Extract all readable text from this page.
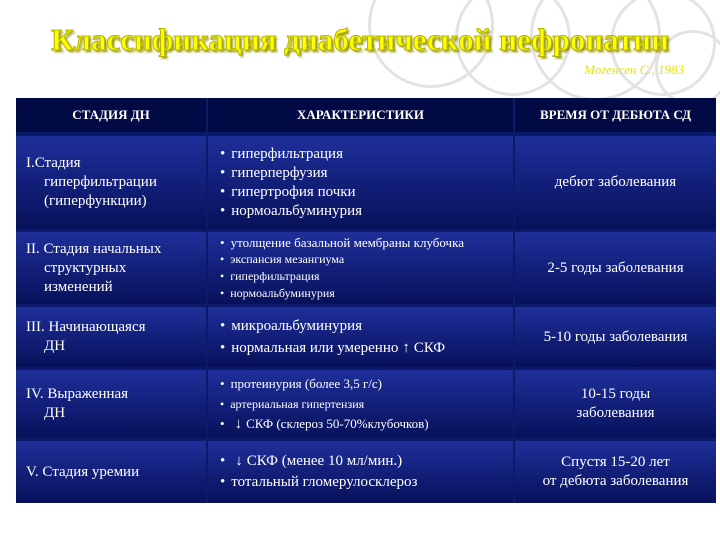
Классификация диабетической нефропатии
Могенсен С., 1983
СТАДИЯ ДН	ХАРАКТЕРИСТИКИ	ВРЕМЯ ОТ ДЕБЮТА СД
I.Стадия
гиперфильтрации
(гиперфункции)
• гиперфильтрация
• гиперперфузия
• гипертрофия почки
• нормоальбуминурия
дебют заболевания
II. Стадия начальных
структурных
изменений
• утолщение базальной мембраны клубочка
• экспансия мезангиума
• гиперфильтрация
• нормоальбуминурия
2-5 годы заболевания
III. Начинающаяся
ДН
• микроальбуминурия
• нормальная или умеренно ↑ СКФ
5-10 годы заболевания
IV. Выраженная
ДН
• протеинурия (более 3,5 г/с)
• артериальная гипертензия
• ↓ СКФ (склероз 50-70%клубочков)
10-15 годы
заболевания
V. Стадия уремии
• ↓ СКФ (менее 10 мл/мин.)
• тотальный гломерулосклероз
Спустя 15-20 лет
от дебюта заболевания
